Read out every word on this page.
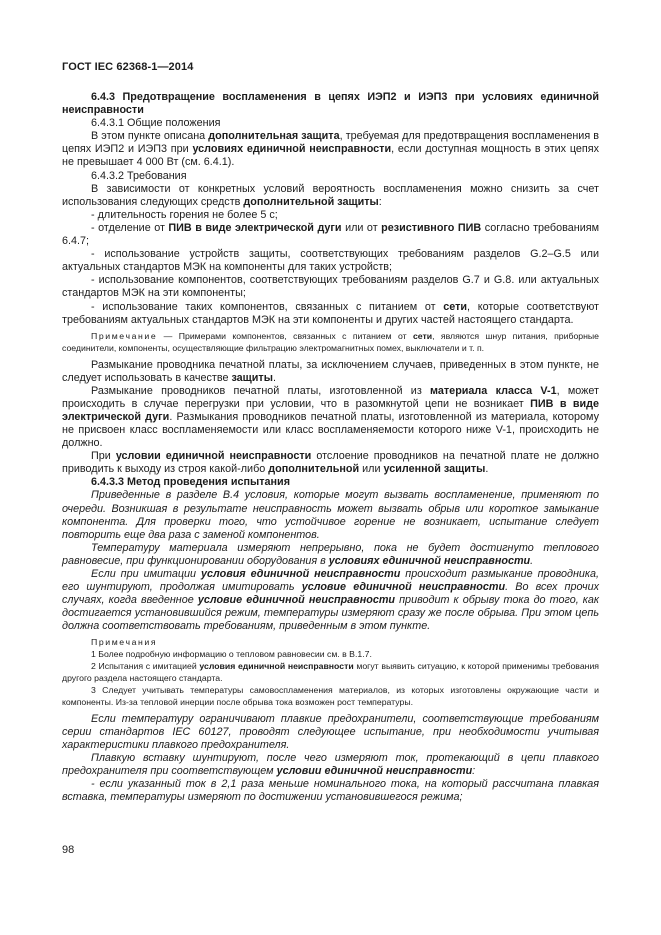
ГОСТ IEC 62368-1—2014

6.4.3 Предотвращение воспламенения в цепях ИЭП2 и ИЭП3 при условиях единичной неисправности

6.4.3.1 Общие положения

В этом пункте описана дополнительная защита, требуемая для предотвращения воспламенения в цепях ИЭП2 и ИЭП3 при условиях единичной неисправности, если доступная мощность в этих цепях не превышает 4 000 Вт (см. 6.4.1).

6.4.3.2 Требования

В зависимости от конкретных условий вероятность воспламенения можно снизить за счет использования следующих средств дополнительной защиты:

- длительность горения не более 5 с;

- отделение от ПИВ в виде электрической дуги или от резистивного ПИВ согласно требованиям 6.4.7;

- использование устройств защиты, соответствующих требованиям разделов G.2–G.5 или актуальных стандартов МЭК на компоненты для таких устройств;

- использование компонентов, соответствующих требованиям разделов G.7 и G.8. или актуальных стандартов МЭК на эти компоненты;

- использование таких компонентов, связанных с питанием от сети, которые соответствуют требованиям актуальных стандартов МЭК на эти компоненты и других частей настоящего стандарта.

Примечание — Примерами компонентов, связанных с питанием от сети, являются шнур питания, приборные соединители, компоненты, осуществляющие фильтрацию электромагнитных помех, выключатели и т. п.

Размыкание проводника печатной платы, за исключением случаев, приведенных в этом пункте, не следует использовать в качестве защиты.

Размыкание проводников печатной платы, изготовленной из материала класса V-1, может происходить в случае перегрузки при условии, что в разомкнутой цепи не возникает ПИВ в виде электрической дуги. Размыкания проводников печатной платы, изготовленной из материала, которому не присвоен класс воспламеняемости или класс воспламеняемости которого ниже V-1, происходить не должно.

При условии единичной неисправности отслоение проводников на печатной плате не должно приводить к выходу из строя какой-либо дополнительной или усиленной защиты.

6.4.3.3 Метод проведения испытания

Приведенные в разделе B.4 условия, которые могут вызвать воспламенение, применяют по очереди. Возникшая в результате неисправность может вызвать обрыв или короткое замыкание компонента. Для проверки того, что устойчивое горение не возникает, испытание следует повторить еще два раза с заменой компонентов.

Температуру материала измеряют непрерывно, пока не будет достигнуто теплового равновесие, при функционировании оборудования в условиях единичной неисправности.

Если при имитации условия единичной неисправности происходит размыкание проводника, его шунтируют, продолжая имитировать условие единичной неисправности. Во всех прочих случаях, когда введенное условие единичной неисправности приводит к обрыву тока до того, как достигается установившийся режим, температуры измеряют сразу же после обрыва. При этом цепь должна соответствовать требованиям, приведенным в этом пункте.

Примечания

1 Более подробную информацию о тепловом равновесии см. в B.1.7.

2 Испытания с имитацией условия единичной неисправности могут выявить ситуацию, к которой применимы требования другого раздела настоящего стандарта.

3 Следует учитывать температуры самовоспламенения материалов, из которых изготовлены окружающие части и компоненты. Из-за тепловой инерции после обрыва тока возможен рост температуры.

Если температуру ограничивают плавкие предохранители, соответствующие требованиям серии стандартов IEC 60127, проводят следующее испытание, при необходимости учитывая характеристики плавкого предохранителя.

Плавкую вставку шунтируют, после чего измеряют ток, протекающий в цепи плавкого предохранителя при соответствующем условии единичной неисправности:

- если указанный ток в 2,1 раза меньше номинального тока, на который рассчитана плавкая вставка, температуры измеряют по достижении установившегося режима;

98
